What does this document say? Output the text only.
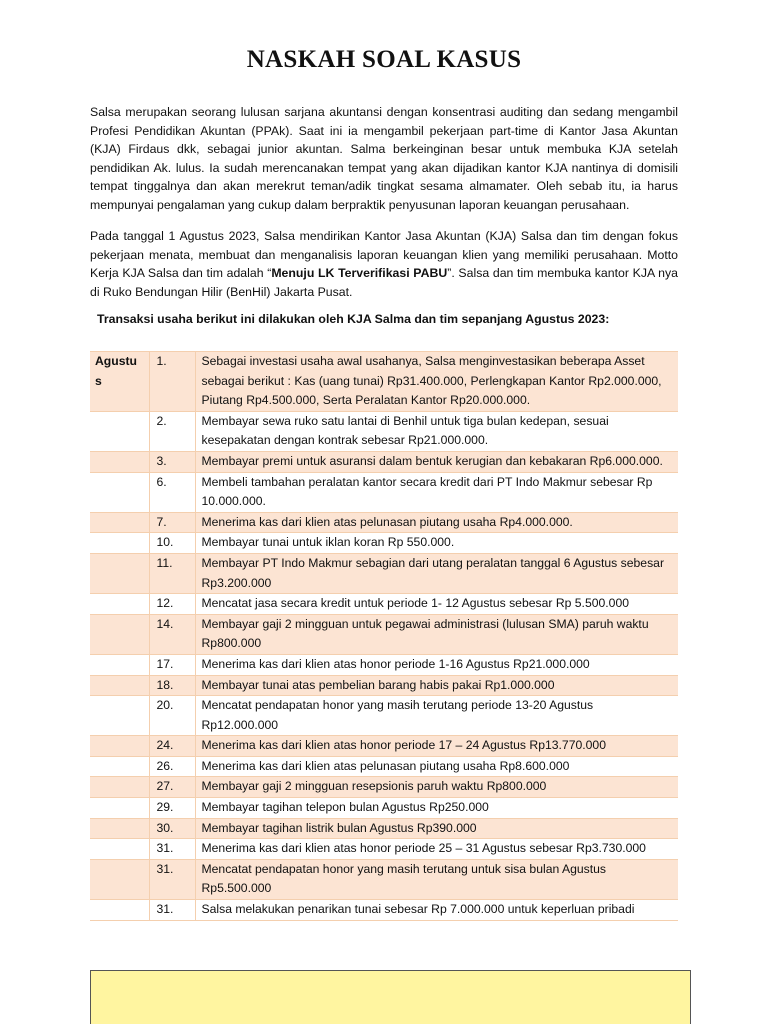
NASKAH SOAL KASUS

Salsa merupakan seorang lulusan sarjana akuntansi dengan konsentrasi auditing dan sedang mengambil Profesi Pendidikan Akuntan (PPAk). Saat ini ia mengambil pekerjaan part-time di Kantor Jasa Akuntan (KJA) Firdaus dkk, sebagai junior akuntan. Salma berkeinginan besar untuk membuka KJA setelah pendidikan Ak. lulus. Ia sudah merencanakan tempat yang akan dijadikan kantor KJA nantinya di domisili tempat tinggalnya dan akan merekrut teman/adik tingkat sesama almamater. Oleh sebab itu, ia harus mempunyai pengalaman yang cukup dalam berpraktik penyusunan laporan keuangan perusahaan.

Pada tanggal 1 Agustus 2023, Salsa mendirikan Kantor Jasa Akuntan (KJA) Salsa dan tim dengan fokus pekerjaan menata, membuat dan menganalisis laporan keuangan klien yang memiliki perusahaan. Motto Kerja KJA Salsa dan tim adalah “Menuju LK Terverifikasi PABU”. Salsa dan tim membuka kantor KJA nya di Ruko Bendungan Hilir (BenHil) Jakarta Pusat.

Transaksi usaha berikut ini dilakukan oleh KJA Salma dan tim sepanjang Agustus 2023:
Agustus	1.	Sebagai investasi usaha awal usahanya, Salsa menginvestasikan beberapa Asset sebagai berikut : Kas (uang tunai) Rp31.400.000, Perlengkapan Kantor Rp2.000.000, Piutang Rp4.500.000, Serta Peralatan Kantor Rp20.000.000.
	2.	Membayar sewa ruko satu lantai di Benhil untuk tiga bulan kedepan, sesuai kesepakatan dengan kontrak sebesar Rp21.000.000.
	3.	Membayar premi untuk asuransi dalam bentuk kerugian dan kebakaran Rp6.000.000.
	6.	Membeli tambahan peralatan kantor secara kredit dari PT Indo Makmur sebesar Rp 10.000.000.
	7.	Menerima kas dari klien atas pelunasan piutang usaha Rp4.000.000.
	10.	Membayar tunai untuk iklan koran Rp 550.000.
	11.	Membayar PT Indo Makmur sebagian dari utang peralatan tanggal 6 Agustus sebesar Rp3.200.000
	12.	Mencatat jasa secara kredit untuk periode 1- 12 Agustus sebesar Rp 5.500.000
	14.	Membayar gaji 2 mingguan untuk pegawai administrasi (lulusan SMA) paruh waktu Rp800.000
	17.	Menerima kas dari klien atas honor periode 1-16 Agustus Rp21.000.000
	18.	Membayar tunai atas pembelian barang habis pakai Rp1.000.000
	20.	Mencatat pendapatan honor yang masih terutang periode 13-20 Agustus Rp12.000.000
	24.	Menerima kas dari klien atas honor periode 17 – 24 Agustus Rp13.770.000
	26.	Menerima kas dari klien atas pelunasan piutang usaha Rp8.600.000
	27.	Membayar gaji 2 mingguan resepsionis paruh waktu Rp800.000
	29.	Membayar tagihan telepon bulan Agustus Rp250.000
	30.	Membayar tagihan listrik bulan Agustus Rp390.000
	31.	Menerima kas dari klien atas honor periode 25 – 31 Agustus sebesar Rp3.730.000
	31.	Mencatat pendapatan honor yang masih terutang untuk sisa bulan Agustus Rp5.500.000
	31.	Salsa melakukan penarikan tunai sebesar Rp 7.000.000 untuk keperluan pribadi
